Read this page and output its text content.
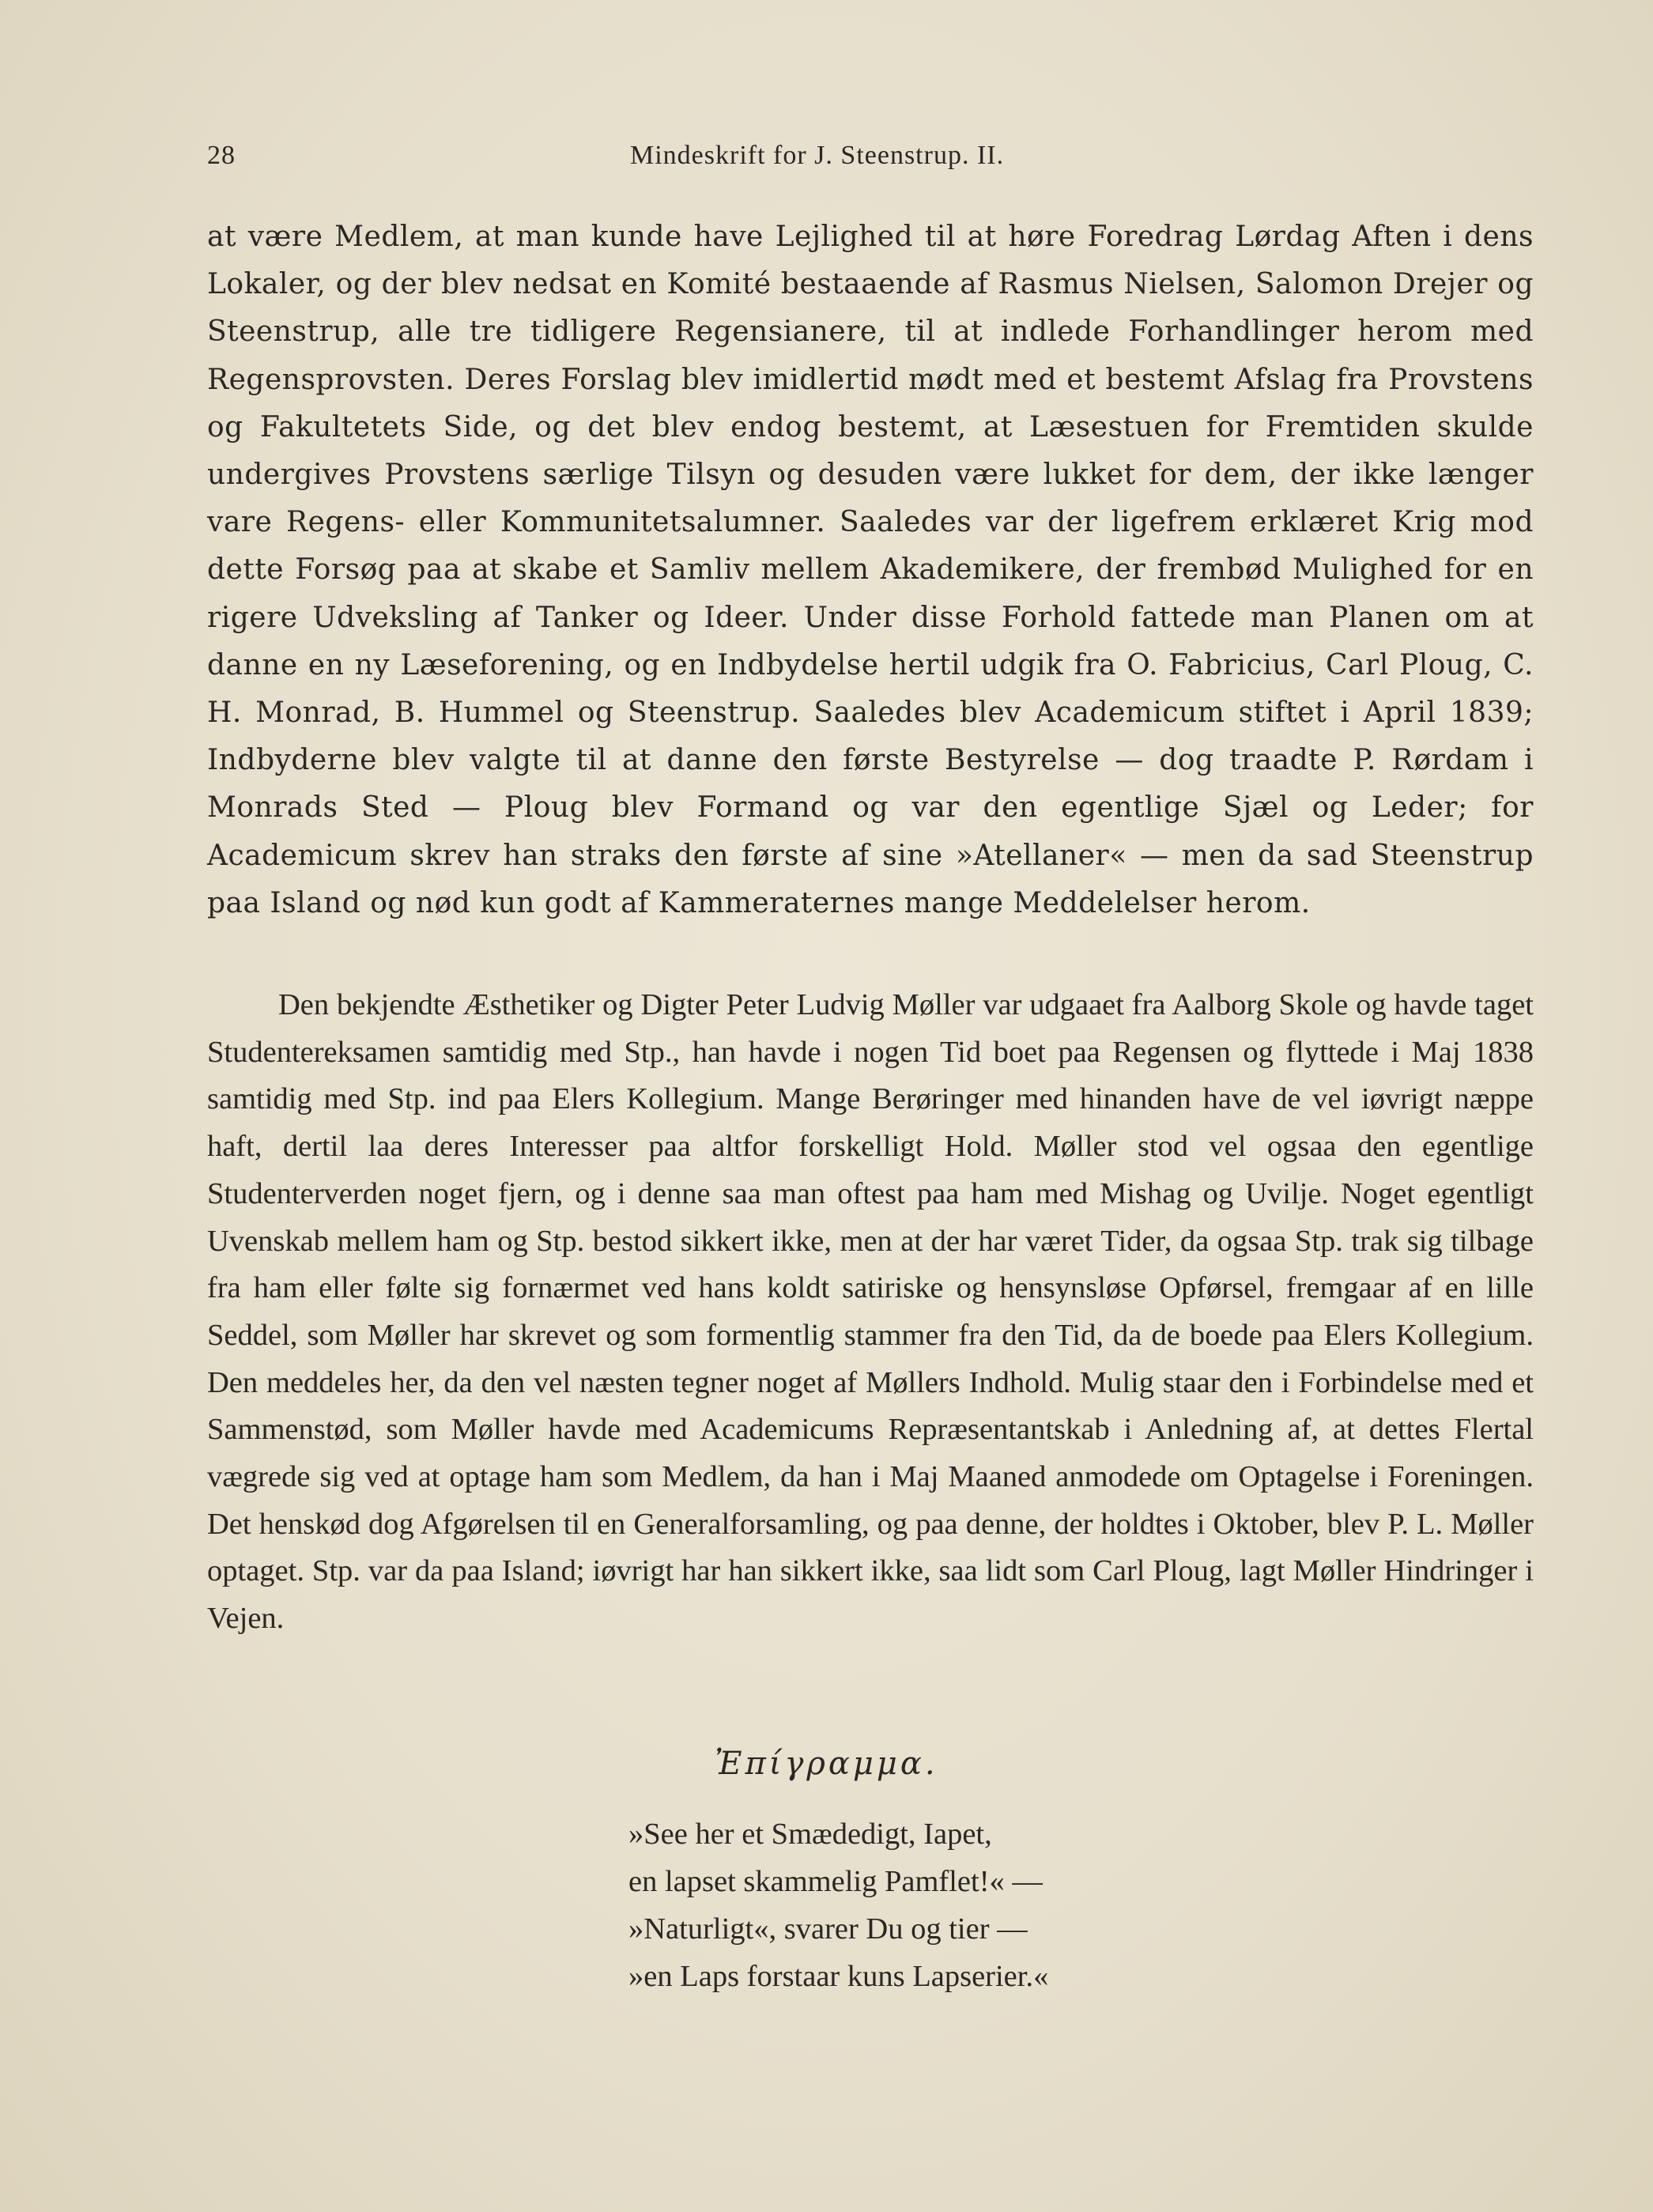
28	Mindeskrift for J. Steenstrup. II.
at være Medlem, at man kunde have Lejlighed til at høre Foredrag Lørdag Aften i dens Lokaler, og der blev nedsat en Komité bestaaende af Rasmus Nielsen, Salomon Drejer og Steenstrup, alle tre tidligere Regensianere, til at indlede Forhandlinger herom med Regensprovsten. Deres Forslag blev imidlertid mødt med et bestemt Afslag fra Provstens og Fakultetets Side, og det blev endog bestemt, at Læsestuen for Fremtiden skulde undergives Provstens særlige Tilsyn og desuden være lukket for dem, der ikke længer vare Regens- eller Kommunitetsalumner. Saaledes var der ligefrem erklæret Krig mod dette Forsøg paa at skabe et Samliv mellem Akademikere, der frembød Mulighed for en rigere Udveksling af Tanker og Ideer. Under disse Forhold fattede man Planen om at danne en ny Læseforening, og en Indbydelse hertil udgik fra O. Fabricius, Carl Ploug, C. H. Monrad, B. Hummel og Steenstrup. Saaledes blev Academicum stiftet i April 1839; Indbyderne blev valgte til at danne den første Bestyrelse — dog traadte P. Rørdam i Monrads Sted — Ploug blev Formand og var den egentlige Sjæl og Leder; for Academicum skrev han straks den første af sine »Atellaner« — men da sad Steenstrup paa Island og nød kun godt af Kammeraternes mange Meddelelser herom.
Den bekjendte Æsthetiker og Digter Peter Ludvig Møller var udgaaet fra Aalborg Skole og havde taget Studentereksamen samtidig med Stp., han havde i nogen Tid boet paa Regensen og flyttede i Maj 1838 samtidig med Stp. ind paa Elers Kollegium. Mange Berøringer med hinanden have de vel iøvrigt næppe haft, dertil laa deres Interesser paa altfor forskelligt Hold. Møller stod vel ogsaa den egentlige Studenterverden noget fjern, og i denne saa man oftest paa ham med Mishag og Uvilje. Noget egentligt Uvenskab mellem ham og Stp. bestod sikkert ikke, men at der har været Tider, da ogsaa Stp. trak sig tilbage fra ham eller følte sig fornærmet ved hans koldt satiriske og hensynsløse Opførsel, fremgaar af en lille Seddel, som Møller har skrevet og som formentlig stammer fra den Tid, da de boede paa Elers Kollegium. Den meddeles her, da den vel næsten tegner noget af Møllers Indhold. Mulig staar den i Forbindelse med et Sammenstød, som Møller havde med Academicums Repræsentantskab i Anledning af, at dettes Flertal vægrede sig ved at optage ham som Medlem, da han i Maj Maaned anmodede om Optagelse i Foreningen. Det henskød dog Afgørelsen til en Generalforsamling, og paa denne, der holdtes i Oktober, blev P. L. Møller optaget. Stp. var da paa Island; iøvrigt har han sikkert ikke, saa lidt som Carl Ploug, lagt Møller Hindringer i Vejen.
Ἐπίγραμμα.
»See her et Smædedigt, Iapet,
en lapset skammelig Pamflet!« —
»Naturligt«, svarer Du og tier —
»en Laps forstaar kuns Lapserier.«
